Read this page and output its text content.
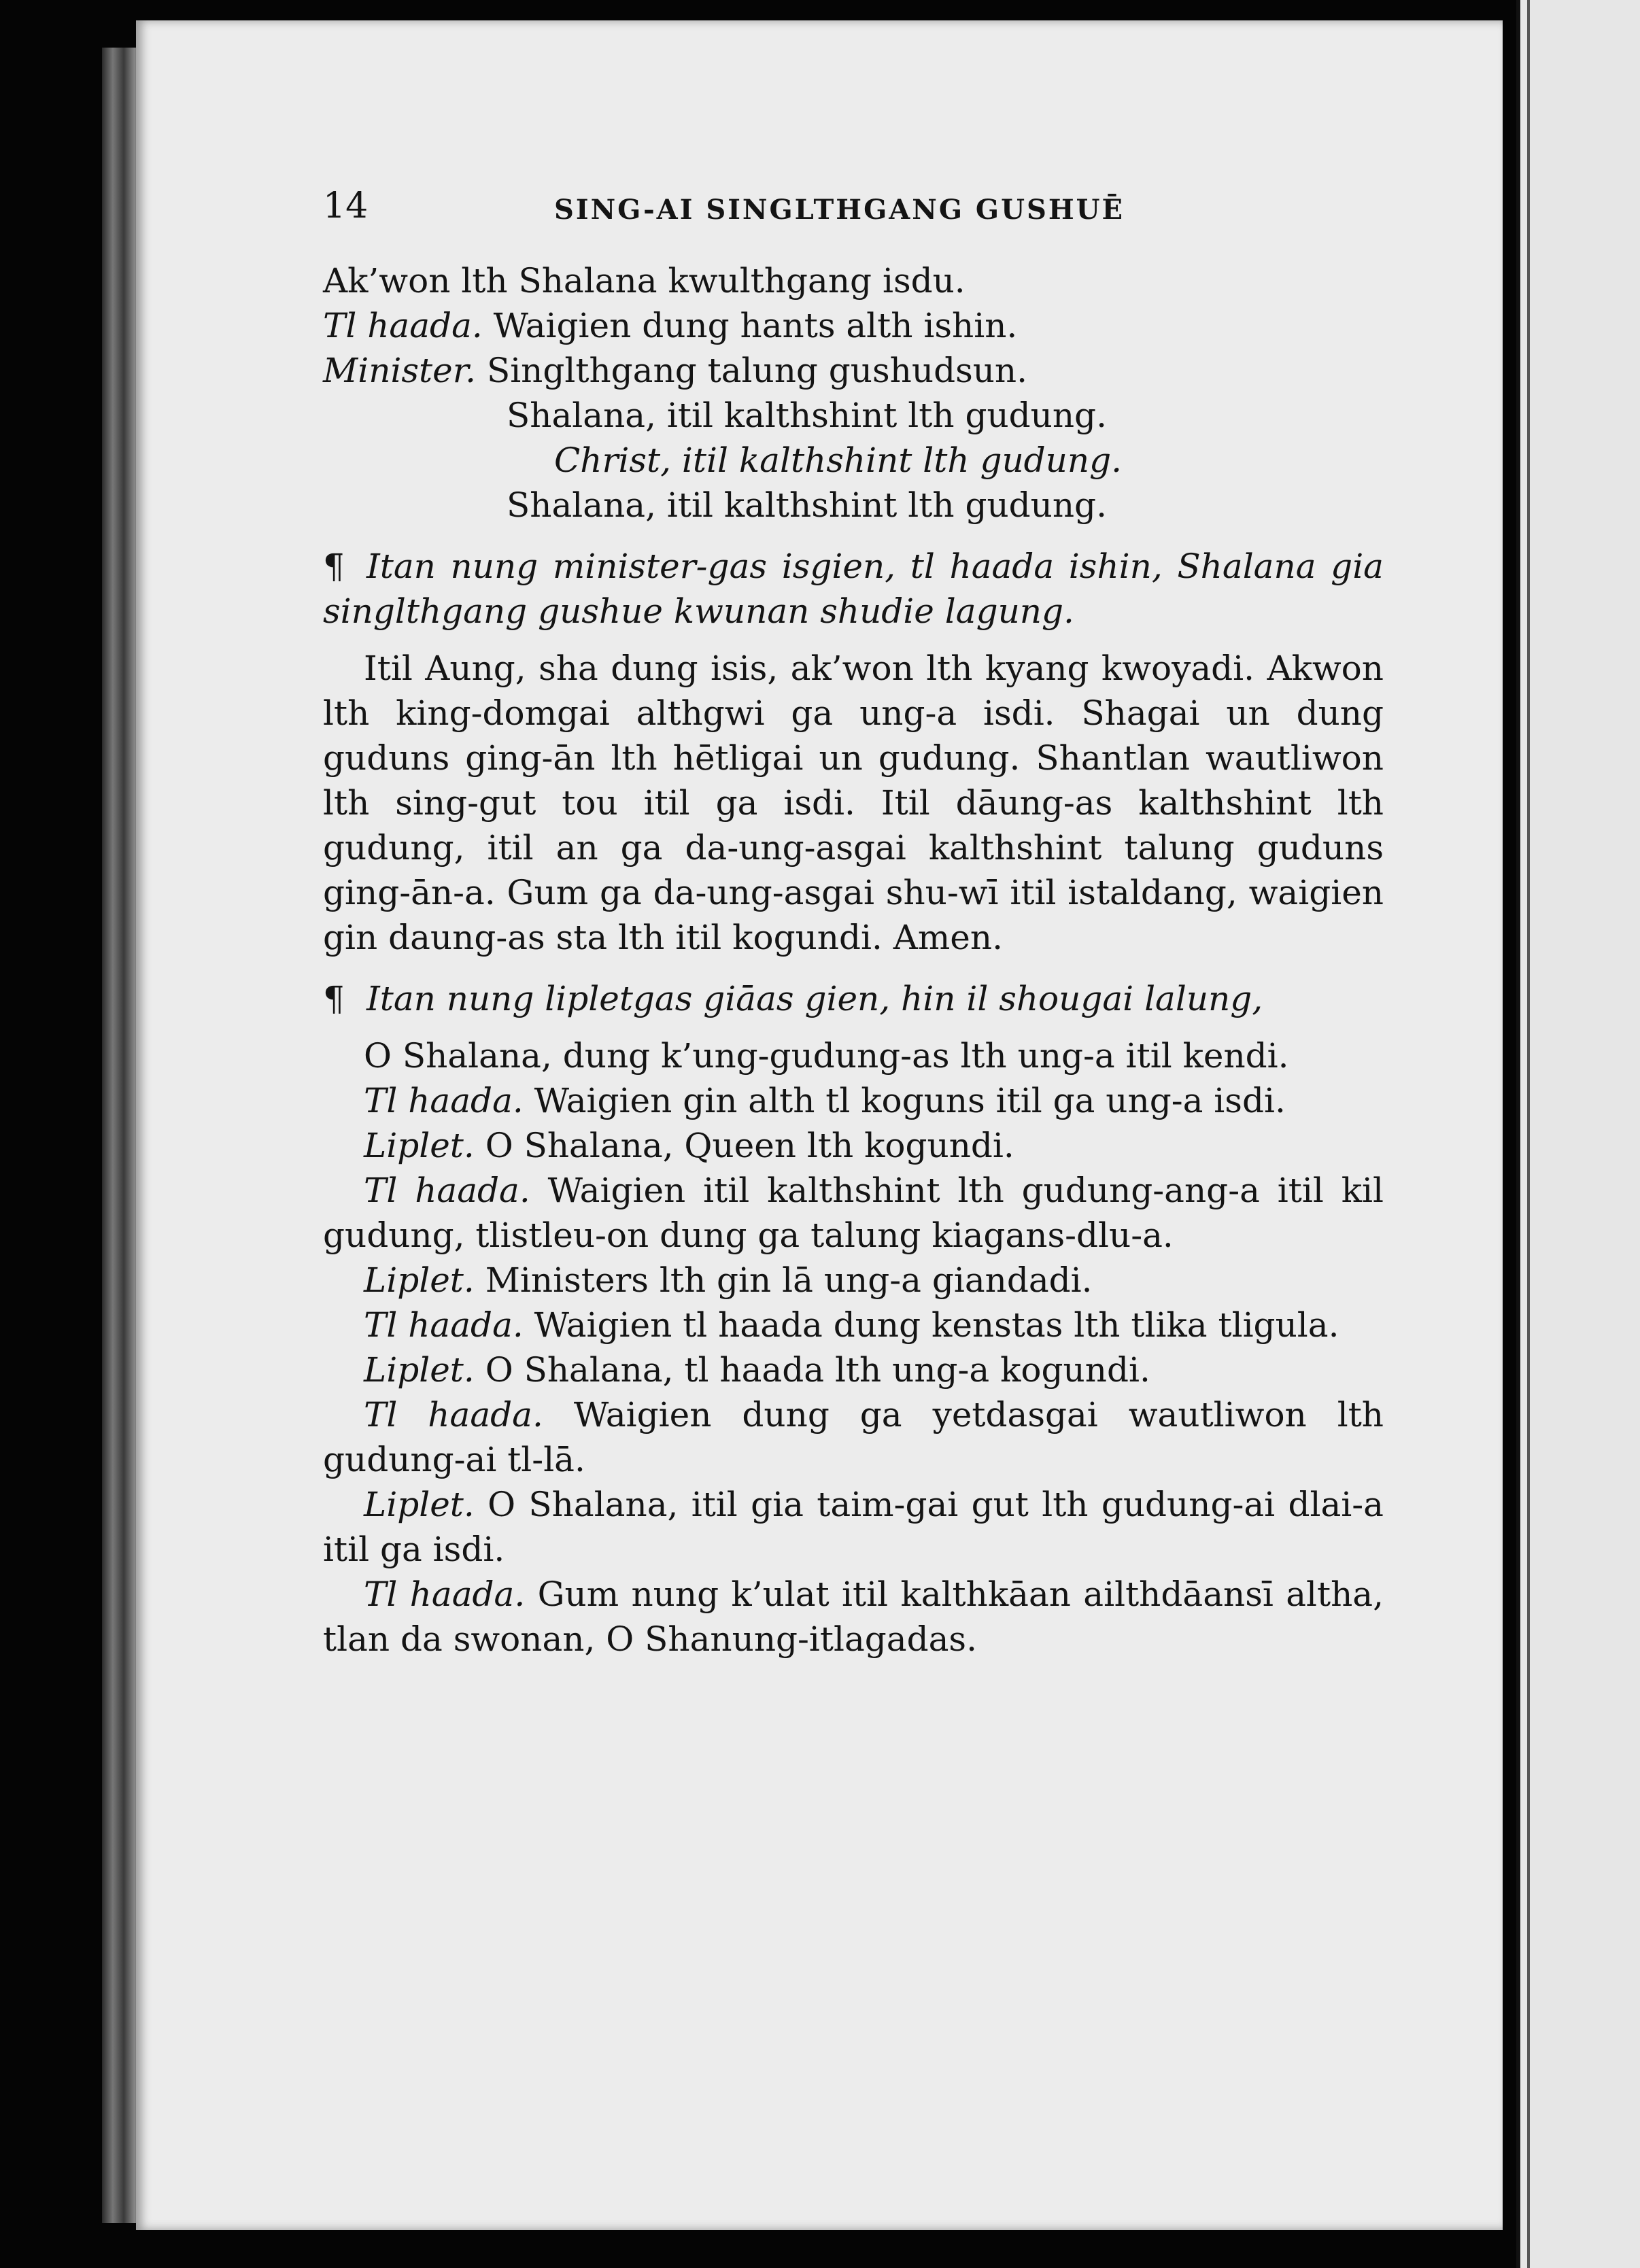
14	SING-AI SINGLTHGANG GUSHUĒ

Ak’won lth Shalana kwulthgang isdu.

Tl haada. Waigien dung hants alth ishin.

Minister. Singlthgang talung gushudsun.

Shalana, itil kalthshint lth gudung.

Christ, itil kalthshint lth gudung.

Shalana, itil kalthshint lth gudung.

¶ Itan nung minister-gas isgien, tl haada ishin, Shalana gia singlthgang gushue kwunan shudie lagung.

Itil Aung, sha dung isis, ak’won lth kyang kwoyadi. Akwon lth king-domgai althgwi ga ung-a isdi. Shagai un dung guduns ging-ān lth hētligai un gudung. Shantlan wautliwon lth sing-gut tou itil ga isdi. Itil dāung-as kalthshint lth gudung, itil an ga da-ung-asgai kalthshint talung guduns ging-ān-a. Gum ga da-ung-asgai shu-wī itil istaldang, waigien gin daung-as sta lth itil kogundi. Amen.

¶ Itan nung lipletgas giāas gien, hin il shougai lalung,

O Shalana, dung k’ung-gudung-as lth ung-a itil kendi.

Tl haada. Waigien gin alth tl koguns itil ga ung-a isdi.

Liplet. O Shalana, Queen lth kogundi.

Tl haada. Waigien itil kalthshint lth gudung-ang-a itil kil gudung, tlistleu-on dung ga talung kiagans-dlu-a.

Liplet. Ministers lth gin lā ung-a giandadi.

Tl haada. Waigien tl haada dung kenstas lth tlika tligula.

Liplet. O Shalana, tl haada lth ung-a kogundi.

Tl haada. Waigien dung ga yetdasgai wautliwon lth gudung-ai tl-lā.

Liplet. O Shalana, itil gia taim-gai gut lth gudung-ai dlai-a itil ga isdi.

Tl haada. Gum nung k’ulat itil kalthkāan ailthdāansī altha, tlan da swonan, O Shanung-itlagadas.
